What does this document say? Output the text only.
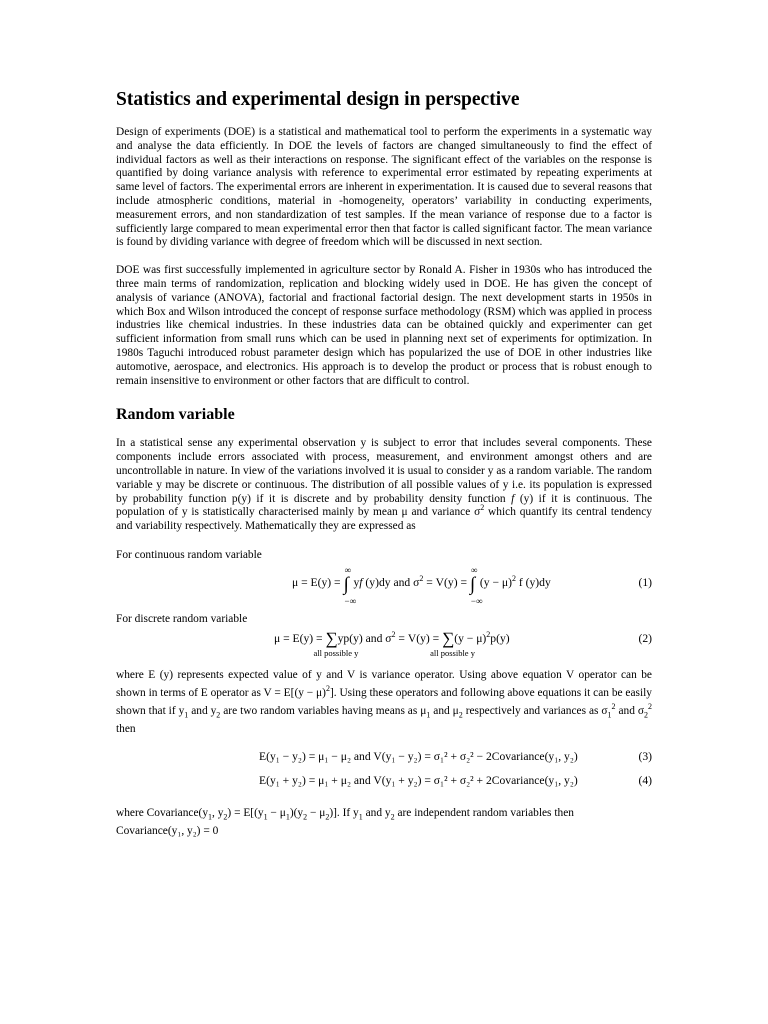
Statistics and experimental design in perspective

Design of experiments (DOE) is a statistical and mathematical tool to perform the experiments in a systematic way and analyse the data efficiently. In DOE the levels of factors are changed simultaneously to find the effect of individual factors as well as their interactions on response. The significant effect of the variables on the response is quantified by doing variance analysis with reference to experimental error estimated by repeating experiments at same level of factors. The experimental errors are inherent in experimentation. It is caused due to several reasons that include atmospheric conditions, material in -homogeneity, operators’ variability in conducting experiments, measurement errors, and non standardization of test samples. If the mean variance of response due to a factor is sufficiently large compared to mean experimental error then that factor is called significant factor. The mean variance is found by dividing variance with degree of freedom which will be discussed in next section.

DOE was first successfully implemented in agriculture sector by Ronald A. Fisher in 1930s who has introduced the three main terms of randomization, replication and blocking widely used in DOE. He has given the concept of analysis of variance (ANOVA), factorial and fractional factorial design. The next development starts in 1950s in which Box and Wilson introduced the concept of response surface methodology (RSM) which was applied in process industries like chemical industries. In these industries data can be obtained quickly and experimenter can get sufficient information from small runs which can be used in planning next set of experiments for optimization. In 1980s Taguchi introduced robust parameter design which has popularized the use of DOE in other industries like automotive, aerospace, and electronics. His approach is to develop the product or process that is robust enough to remain insensitive to environment or other factors that are difficult to control.

Random variable

In a statistical sense any experimental observation y is subject to error that includes several components. These components include errors associated with process, measurement, and environment amongst others and are uncontrollable in nature. In view of the variations involved it is usual to consider y as a random variable. The random variable y may be discrete or continuous. The distribution of all possible values of y i.e. its population is expressed by probability function p(y) if it is discrete and by probability density function f (y) if it is continuous. The population of y is statistically characterised mainly by mean μ and variance $\sigma^2$ which quantify its central tendency and variability respectively. Mathematically they are expressed as

For continuous random variable
μ = E(y) = ∫
∞
−∞
yf (y)dy and $\sigma^2 = V(y)$ = ∫
∞
−∞
$(y - \mu)^2$ f (y)dy	(1)
For discrete random variable
μ = E(y) = ∑
all possible y
yp(y) and $\sigma^2 = V(y)$ = ∑
all possible y
$(y - \mu)^2p(y)$	(2)

where E (y) represents expected value of y and V is variance operator. Using above equation V operator can be shown in terms of E operator as $V = E[(y - \mu)^2]$. Using these operators and following above equations it can be easily shown that if $y_1$ and $y_2$ are two random variables having means as $\mu_1$ and $\mu_2$ respectively and variances as $\sigma_1^2$ and $\sigma_2^2$ then

E(y₁ − y₂) = μ₁ − μ₂ and V(y₁ − y₂) = σ₁² + σ₂² − 2Covariance(y₁, y₂)	(3)
E(y₁ + y₂) = μ₁ + μ₂ and V(y₁ + y₂) = σ₁² + σ₂² + 2Covariance(y₁, y₂)	(4)

where $Covariance(y_1$, $y_2) = E[(y_1 - \mu_1)(y_2 - \mu_2)]$. If $y_1$ and $y_2$ are independent random variables then
Covariance(y₁, y₂) = 0
